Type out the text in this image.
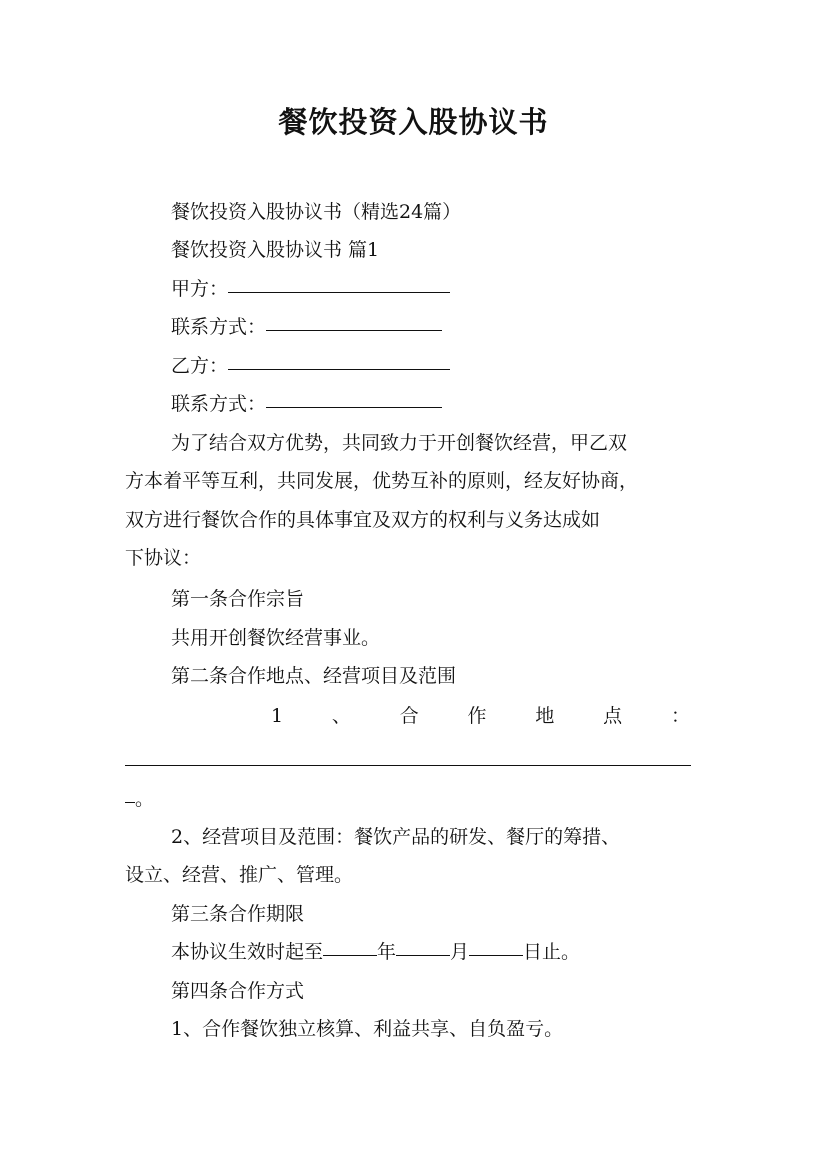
餐饮投资入股协议书
餐饮投资入股协议书（精选24篇）
餐饮投资入股协议书 篇1
甲方：
联系方式：
乙方：
联系方式：
为了结合双方优势，共同致力于开创餐饮经营，甲乙双
方本着平等互利，共同发展，优势互补的原则，经友好协商，
双方进行餐饮合作的具体事宜及双方的权利与义务达成如
下协议：
第一条合作宗旨
共用开创餐饮经营事业。
第二条合作地点、经营项目及范围
1	、	合	作	地	点	：
。
2、经营项目及范围：餐饮产品的研发、餐厅的筹措、
设立、经营、推广、管理。
第三条合作期限
本协议生效时起至	年	月	日止。
第四条合作方式
1、合作餐饮独立核算、利益共享、自负盈亏。
